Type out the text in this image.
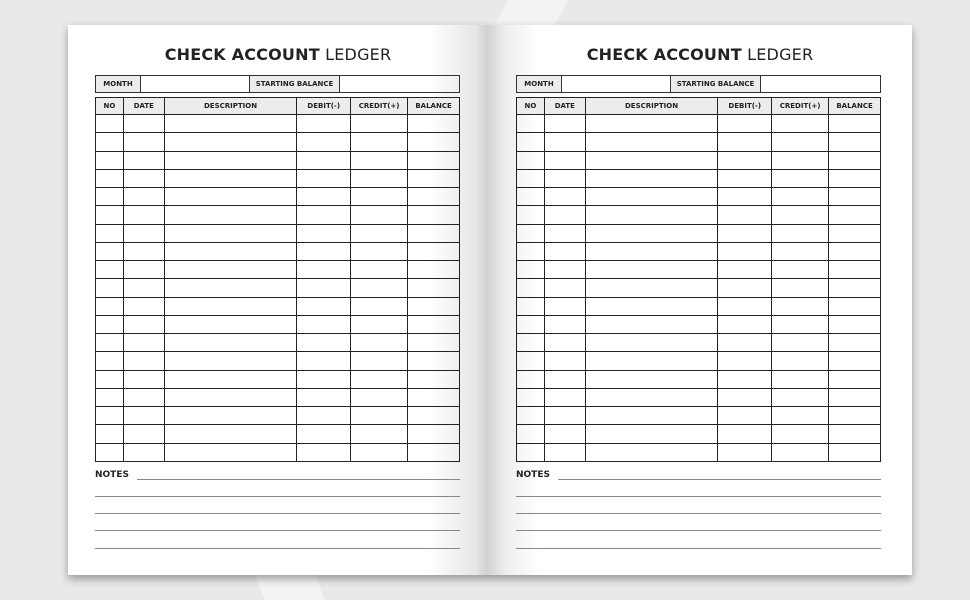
CHECK ACCOUNT LEDGER
MONTH	STARTING BALANCE
NO	DATE	DESCRIPTION	DEBIT(-)	CREDIT(+)	BALANCE

NOTES
CHECK ACCOUNT LEDGER
MONTH	STARTING BALANCE
NO	DATE	DESCRIPTION	DEBIT(-)	CREDIT(+)	BALANCE

NOTES
